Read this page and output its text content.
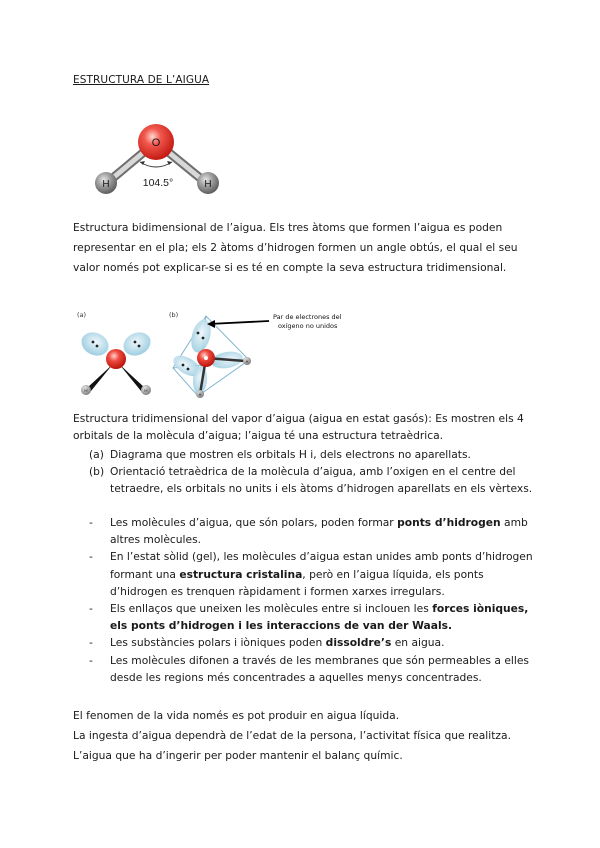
ESTRUCTURA DE L’AIGUA
O
H	H
104.5°
Estructura bidimensional de l’aigua. Els tres àtoms que formen l’aigua es poden representar en el pla; els 2 àtoms d’hidrogen formen un angle obtús, el qual el seu valor només pot explicar-se si es té en compte la seva estructura tridimensional.
(a)	(b)
H	H
H
H
Par de electrones del
oxígeno no unidos
Estructura tridimensional del vapor d’aigua (aigua en estat gasós): Es mostren els 4 orbitals de la molècula d’aigua; l’aigua té una estructura tetraèdrica.
(a) Diagrama que mostren els orbitals H i, dels electrons no aparellats.
(b) Orientació tetraèdrica de la molècula d’aigua, amb l’oxigen en el centre del tetraedre, els orbitals no units i els àtoms d’hidrogen aparellats en els vèrtexs.
-	Les molècules d’aigua, que són polars, poden formar ponts d’hidrogen amb altres molècules.
-	En l’estat sòlid (gel), les molècules d’aigua estan unides amb ponts d’hidrogen formant una estructura cristalina, però en l’aigua líquida, els ponts d’hidrogen es trenquen ràpidament i formen xarxes irregulars.
-	Els enllaços que uneixen les molècules entre si inclouen les forces iòniques, els ponts d’hidrogen i les interaccions de van der Waals.
-	Les substàncies polars i iòniques poden dissoldre’s en aigua.
-	Les molècules difonen a través de les membranes que són permeables a elles desde les regions més concentrades a aquelles menys concentrades.
El fenomen de la vida només es pot produir en aigua líquida.
La ingesta d’aigua dependrà de l’edat de la persona, l’activitat física que realitza.
L’aigua que ha d’ingerir per poder mantenir el balanç químic.
